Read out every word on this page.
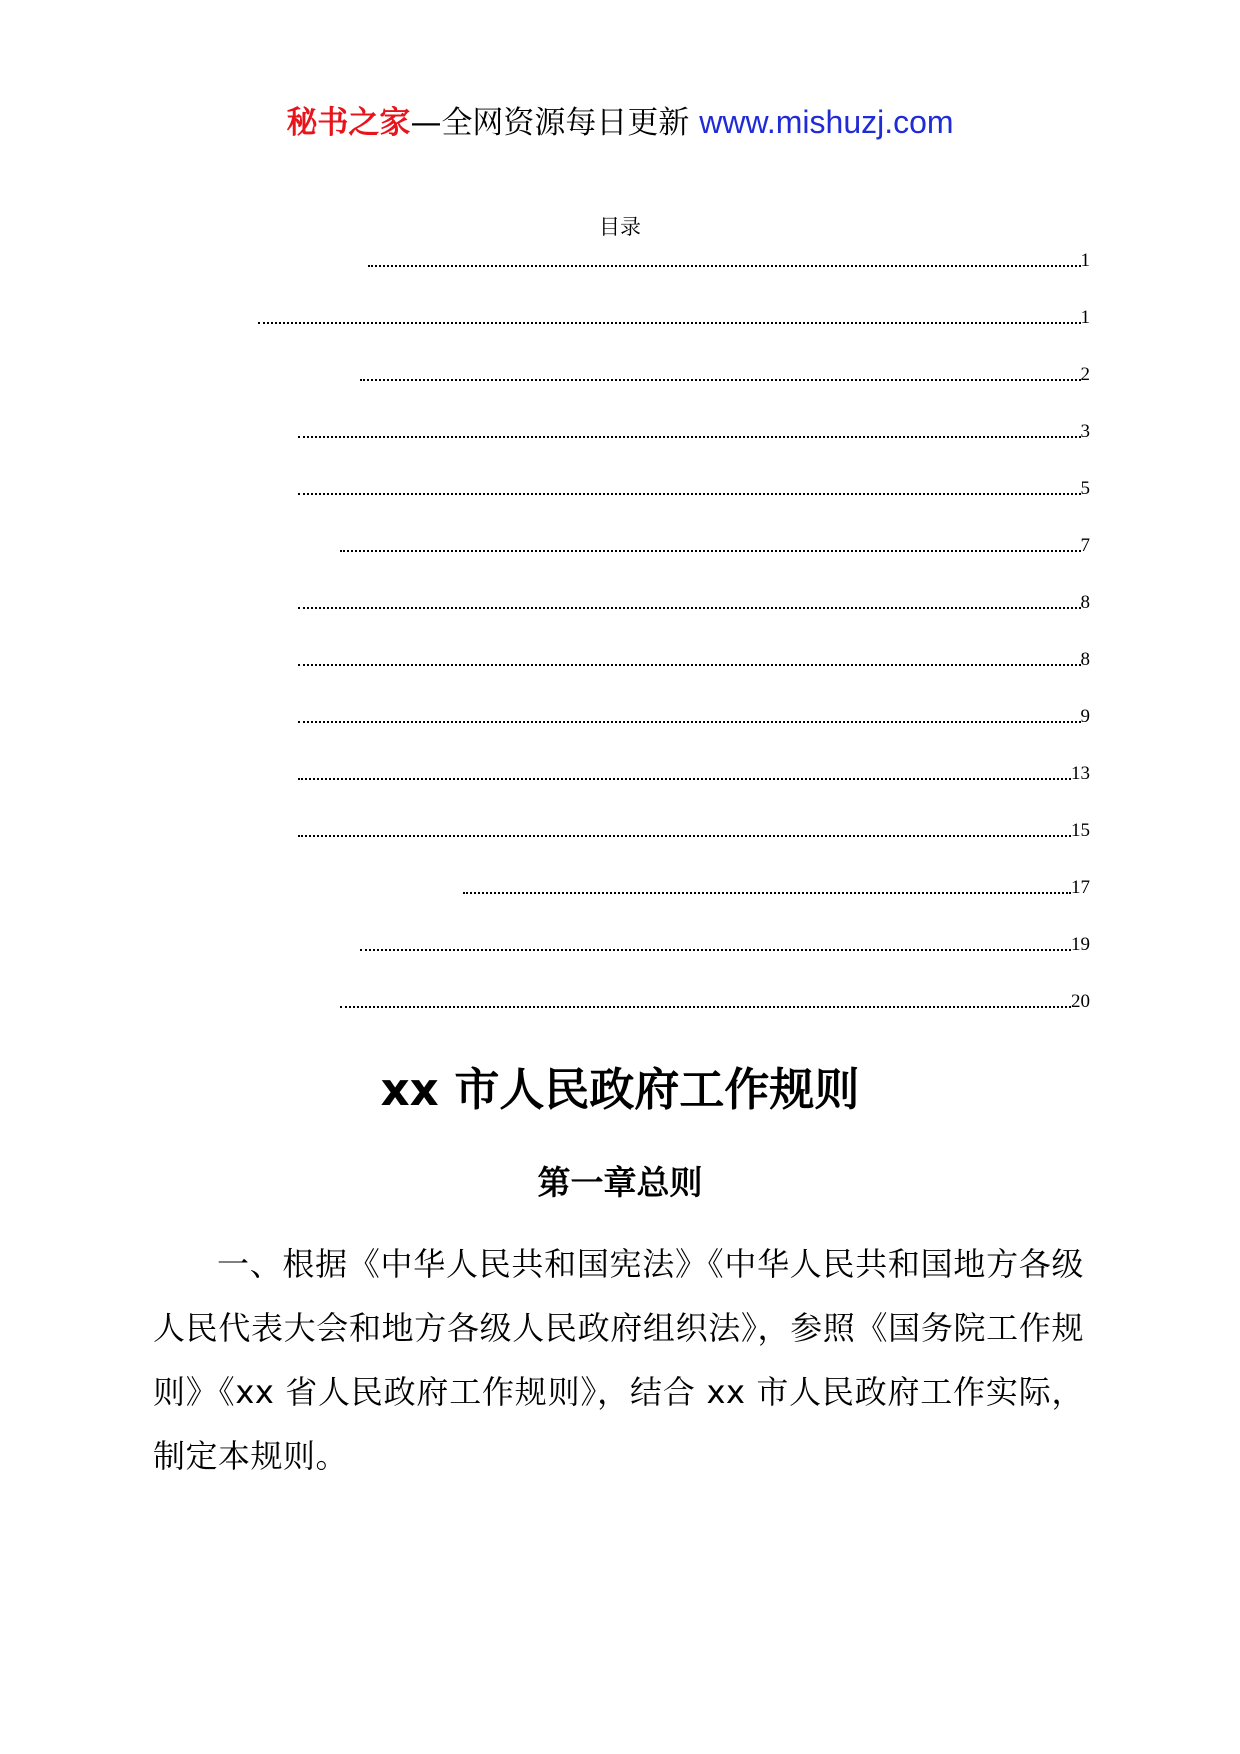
秘书之家—全网资源每日更新 www.mishuzj.com
目录
1
1
2
3
5
7
8
8
9
13
15
17
19
20
xx 市人民政府工作规则
第一章总则

一、根据《中华人民共和国宪法》《中华人民共和国地方各级人民代表大会和地方各级人民政府组织法》，参照《国务院工作规则》《xx 省人民政府工作规则》，结合 xx 市人民政府工作实际，制定本规则。
